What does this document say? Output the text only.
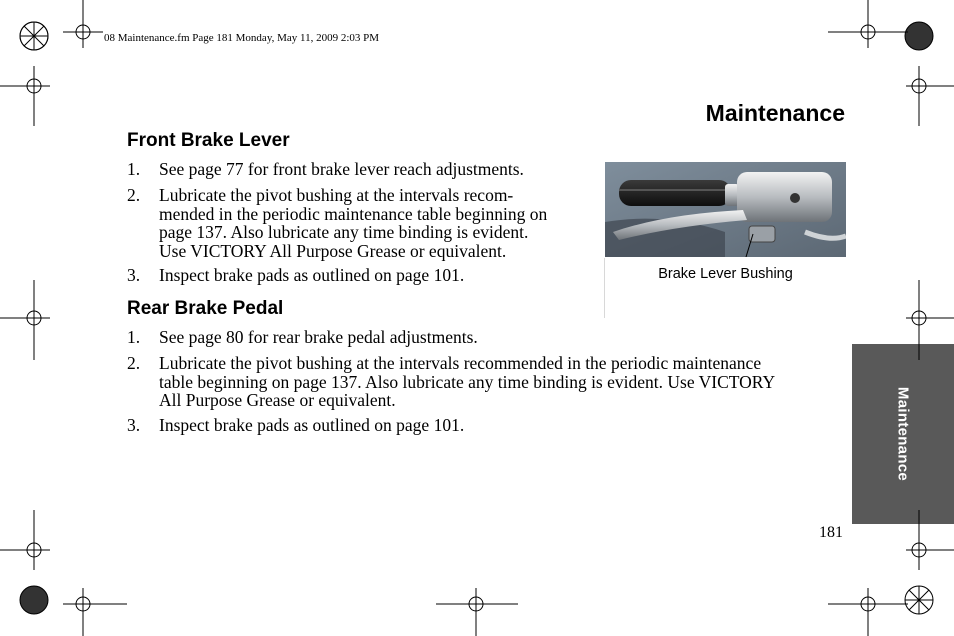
08 Maintenance.fm Page 181 Monday, May 11, 2009 2:03 PM
Maintenance
Front Brake Lever
1. See page 77 for front brake lever reach adjustments.
2. Lubricate the pivot bushing at the intervals recom-
mended in the periodic maintenance table beginning on
page 137. Also lubricate any time binding is evident.
Use VICTORY All Purpose Grease or equivalent.
3. Inspect brake pads as outlined on page 101.	Brake Lever Bushing
Rear Brake Pedal
1. See page 80 for rear brake pedal adjustments.
2. Lubricate the pivot bushing at the intervals recommended in the periodic maintenance
table beginning on page 137. Also lubricate any time binding is evident. Use VICTORY
All Purpose Grease or equivalent.
3. Inspect brake pads as outlined on page 101.	Maintenance
181
